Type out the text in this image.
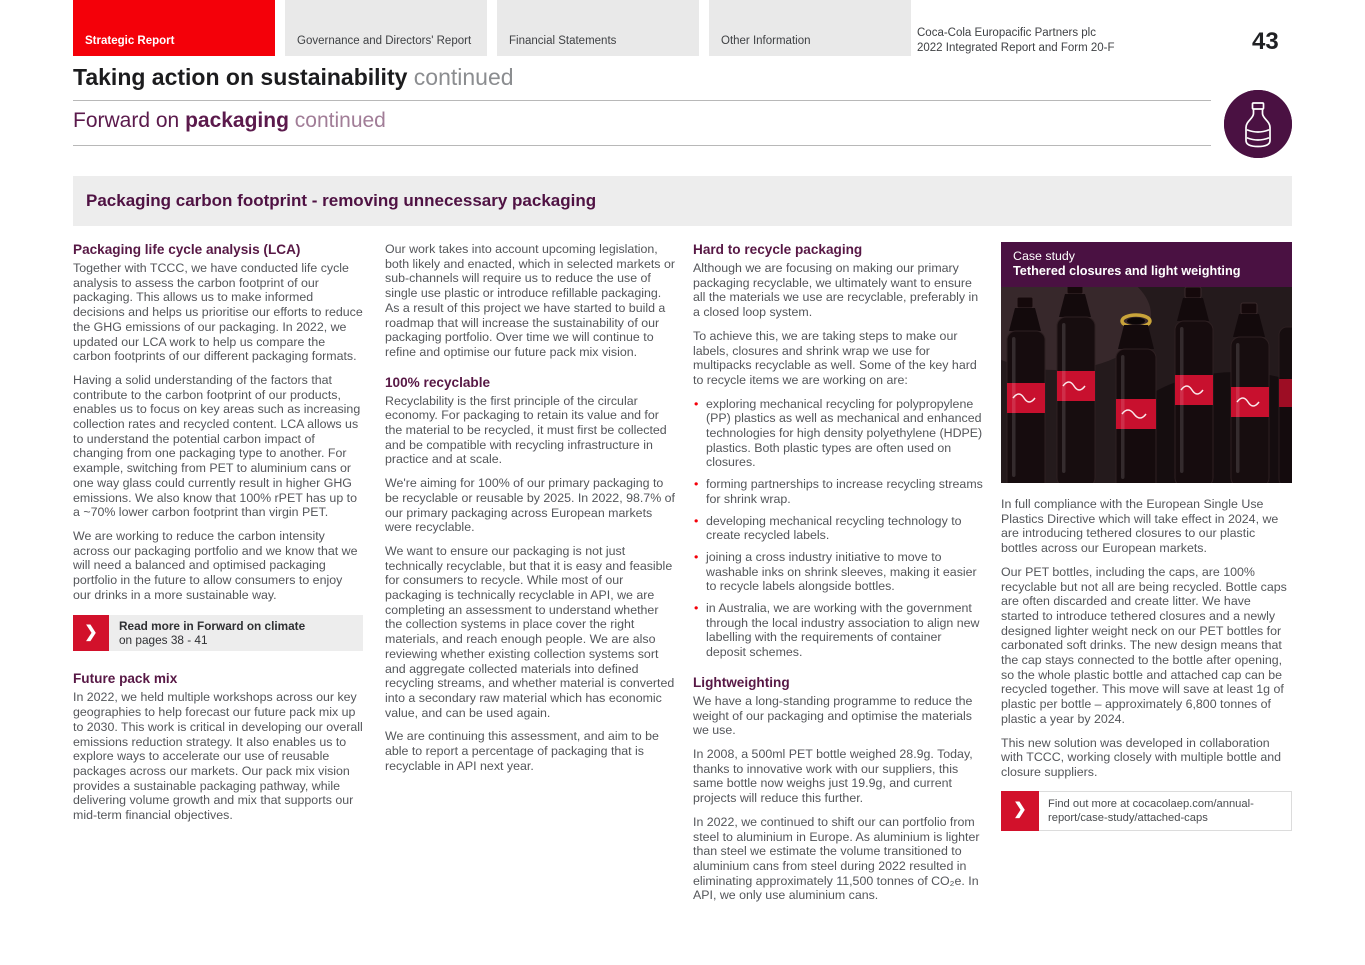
Strategic Report	Governance and Directors' Report	Financial Statements	Other Information
Coca-Cola Europacific Partners plc
2022 Integrated Report and Form 20-F	43
Taking action on sustainability continued
Forward on packaging continued
Packaging carbon footprint - removing unnecessary packaging
Packaging life cycle analysis (LCA)

Together with TCCC, we have conducted life cycle analysis to assess the carbon footprint of our packaging. This allows us to make informed decisions and helps us prioritise our efforts to reduce the GHG emissions of our packaging. In 2022, we updated our LCA work to help us compare the carbon footprints of our different packaging formats.

Having a solid understanding of the factors that contribute to the carbon footprint of our products, enables us to focus on key areas such as increasing collection rates and recycled content. LCA allows us to understand the potential carbon impact of changing from one packaging type to another. For example, switching from PET to aluminium cans or one way glass could currently result in higher GHG emissions. We also know that 100% rPET has up to a ~70% lower carbon footprint than virgin PET.

We are working to reduce the carbon intensity across our packaging portfolio and we know that we will need a balanced and optimised packaging portfolio in the future to allow consumers to enjoy our drinks in a more sustainable way.

❯	Read more in Forward on climate
on pages 38 - 41
Future pack mix

In 2022, we held multiple workshops across our key geographies to help forecast our future pack mix up to 2030. This work is critical in developing our overall emissions reduction strategy. It also enables us to explore ways to accelerate our use of reusable packages across our markets. Our pack mix vision provides a sustainable packaging pathway, while delivering volume growth and mix that supports our mid-term financial objectives.

Our work takes into account upcoming legislation, both likely and enacted, which in selected markets or sub-channels will require us to reduce the use of single use plastic or introduce refillable packaging. As a result of this project we have started to build a roadmap that will increase the sustainability of our packaging portfolio. Over time we will continue to refine and optimise our future pack mix vision.

100% recyclable

Recyclability is the first principle of the circular economy. For packaging to retain its value and for the material to be recycled, it must first be collected and be compatible with recycling infrastructure in practice and at scale.

We're aiming for 100% of our primary packaging to be recyclable or reusable by 2025. In 2022, 98.7% of our primary packaging across European markets were recyclable.

We want to ensure our packaging is not just technically recyclable, but that it is easy and feasible for consumers to recycle. While most of our packaging is technically recyclable in API, we are completing an assessment to understand whether the collection systems in place cover the right materials, and reach enough people. We are also reviewing whether existing collection systems sort and aggregate collected materials into defined recycling streams, and whether material is converted into a secondary raw material which has economic value, and can be used again.

We are continuing this assessment, and aim to be able to report a percentage of packaging that is recyclable in API next year.

Hard to recycle packaging

Although we are focusing on making our primary packaging recyclable, we ultimately want to ensure all the materials we use are recyclable, preferably in a closed loop system.

To achieve this, we are taking steps to make our labels, closures and shrink wrap we use for multipacks recyclable as well. Some of the key hard to recycle items we are working on are:

• exploring mechanical recycling for polypropylene (PP) plastics as well as mechanical and enhanced technologies for high density polyethylene (HDPE) plastics. Both plastic types are often used on closures.
• forming partnerships to increase recycling streams for shrink wrap.
• developing mechanical recycling technology to create recycled labels.
• joining a cross industry initiative to move to washable inks on shrink sleeves, making it easier to recycle labels alongside bottles.
• in Australia, we are working with the government through the local industry association to align new labelling with the requirements of container deposit schemes.
Lightweighting

We have a long-standing programme to reduce the weight of our packaging and optimise the materials we use.

In 2008, a 500ml PET bottle weighed 28.9g. Today, thanks to innovative work with our suppliers, this same bottle now weighs just 19.9g, and current projects will reduce this further.

In 2022, we continued to shift our can portfolio from steel to aluminium in Europe. As aluminium is lighter than steel we estimate the volume transitioned to aluminium cans from steel during 2022 resulted in eliminating approximately 11,500 tonnes of CO₂e. In API, we only use aluminium cans.

Case study
Tethered closures and light weighting

In full compliance with the European Single Use Plastics Directive which will take effect in 2024, we are introducing tethered closures to our plastic bottles across our European markets.

Our PET bottles, including the caps, are 100% recyclable but not all are being recycled. Bottle caps are often discarded and create litter. We have started to introduce tethered closures and a newly designed lighter weight neck on our PET bottles for carbonated soft drinks. The new design means that the cap stays connected to the bottle after opening, so the whole plastic bottle and attached cap can be recycled together. This move will save at least 1g of plastic per bottle – approximately 6,800 tonnes of plastic a year by 2024.

This new solution was developed in collaboration with TCCC, working closely with multiple bottle and closure suppliers.

❯	Find out more at cocacolaep.com/annual-report/case-study/attached-caps
